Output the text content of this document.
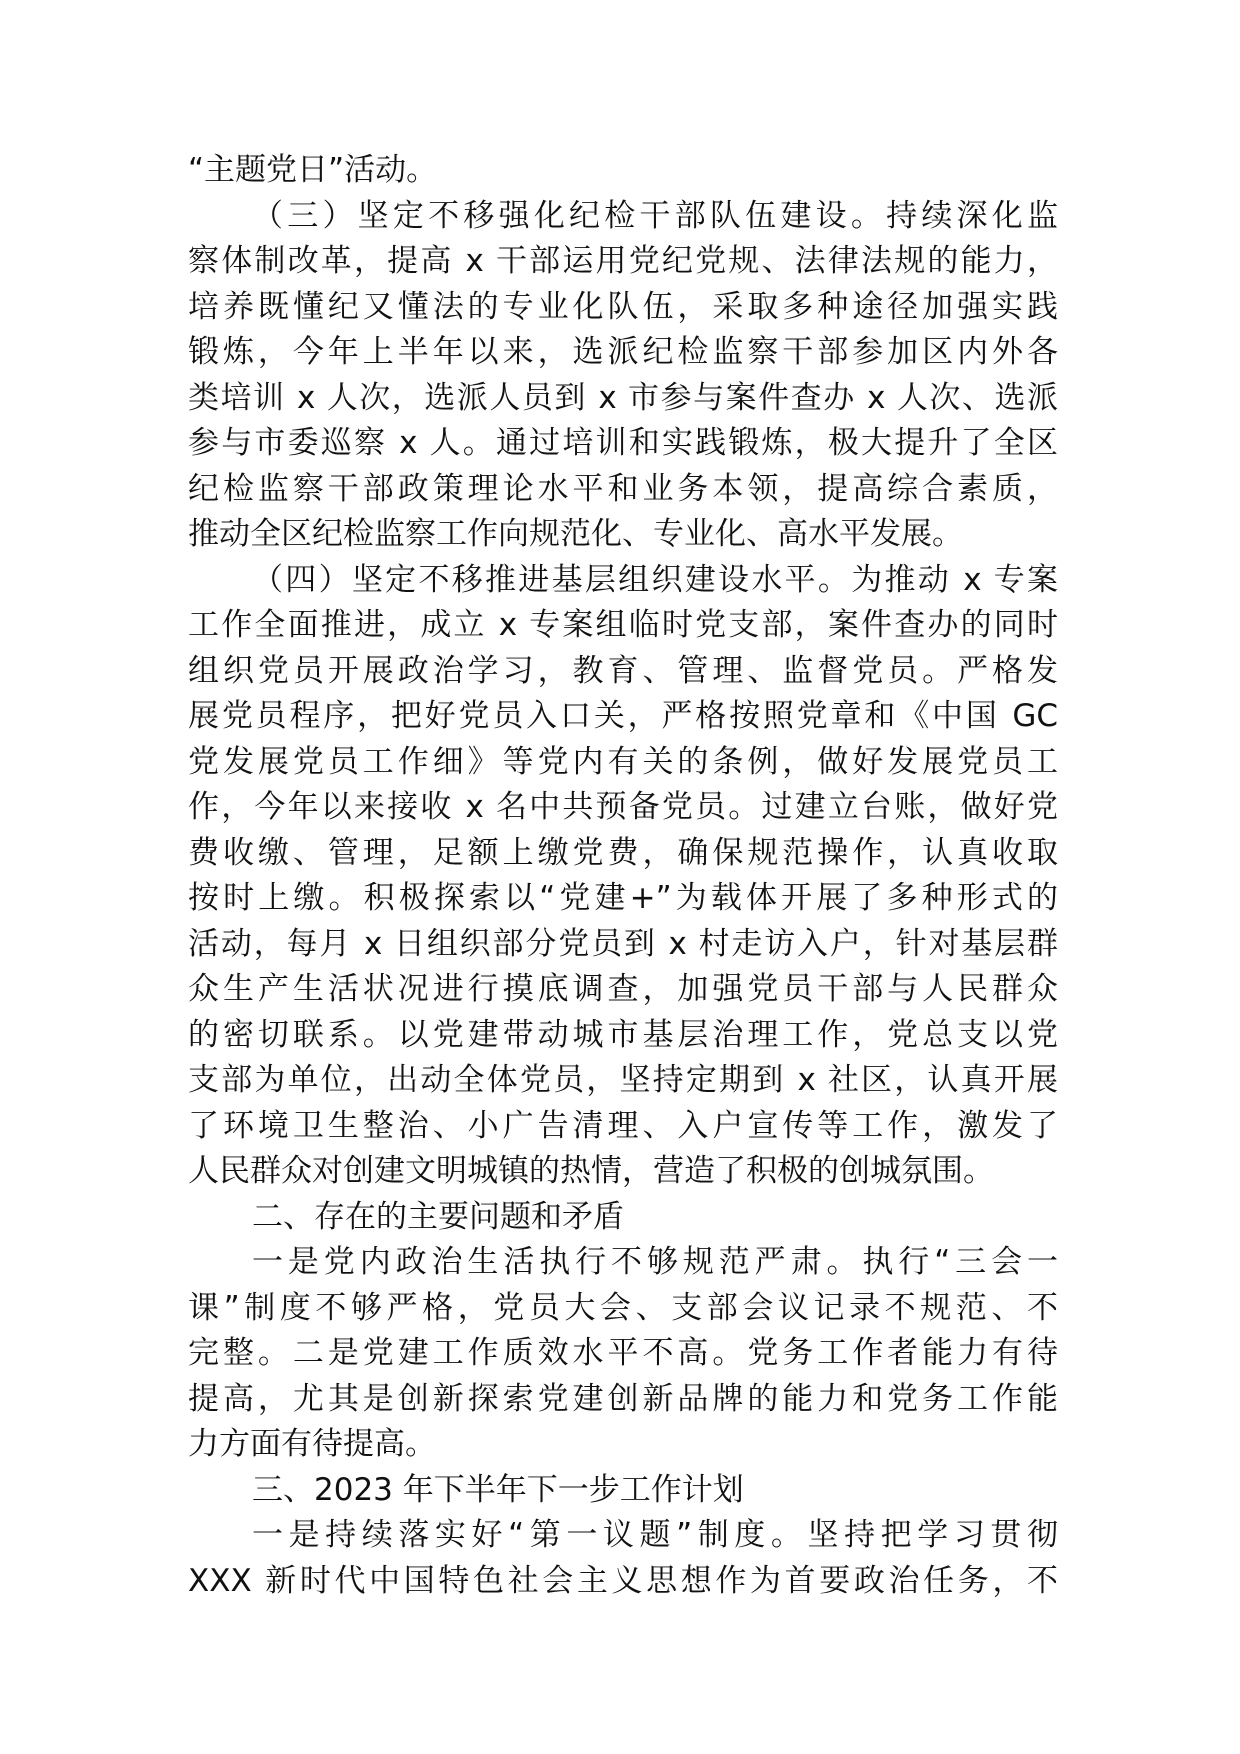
“主题党日”活动。
（三）坚定不移强化纪检干部队伍建设。持续深化监
察体制改革，提高 x 干部运用党纪党规、法律法规的能力，
培养既懂纪又懂法的专业化队伍，采取多种途径加强实践
锻炼，今年上半年以来，选派纪检监察干部参加区内外各
类培训 x 人次，选派人员到 x 市参与案件查办 x 人次、选派
参与市委巡察 x 人。通过培训和实践锻炼，极大提升了全区
纪检监察干部政策理论水平和业务本领，提高综合素质，
推动全区纪检监察工作向规范化、专业化、高水平发展。
（四）坚定不移推进基层组织建设水平。为推动 x 专案
工作全面推进，成立 x 专案组临时党支部，案件查办的同时
组织党员开展政治学习，教育、管理、监督党员。严格发
展党员程序，把好党员入口关，严格按照党章和《中国 GC
党发展党员工作细》等党内有关的条例，做好发展党员工
作，今年以来接收 x 名中共预备党员。过建立台账，做好党
费收缴、管理，足额上缴党费，确保规范操作，认真收取
按时上缴。积极探索以“党建+”为载体开展了多种形式的
活动，每月 x 日组织部分党员到 x 村走访入户，针对基层群
众生产生活状况进行摸底调查，加强党员干部与人民群众
的密切联系。以党建带动城市基层治理工作，党总支以党
支部为单位，出动全体党员，坚持定期到 x 社区，认真开展
了环境卫生整治、小广告清理、入户宣传等工作，激发了
人民群众对创建文明城镇的热情，营造了积极的创城氛围。
二、存在的主要问题和矛盾
一是党内政治生活执行不够规范严肃。执行“三会一
课”制度不够严格，党员大会、支部会议记录不规范、不
完整。二是党建工作质效水平不高。党务工作者能力有待
提高，尤其是创新探索党建创新品牌的能力和党务工作能
力方面有待提高。
三、2023 年下半年下一步工作计划
一是持续落实好“第一议题”制度。坚持把学习贯彻
XXX 新时代中国特色社会主义思想作为首要政治任务，不
